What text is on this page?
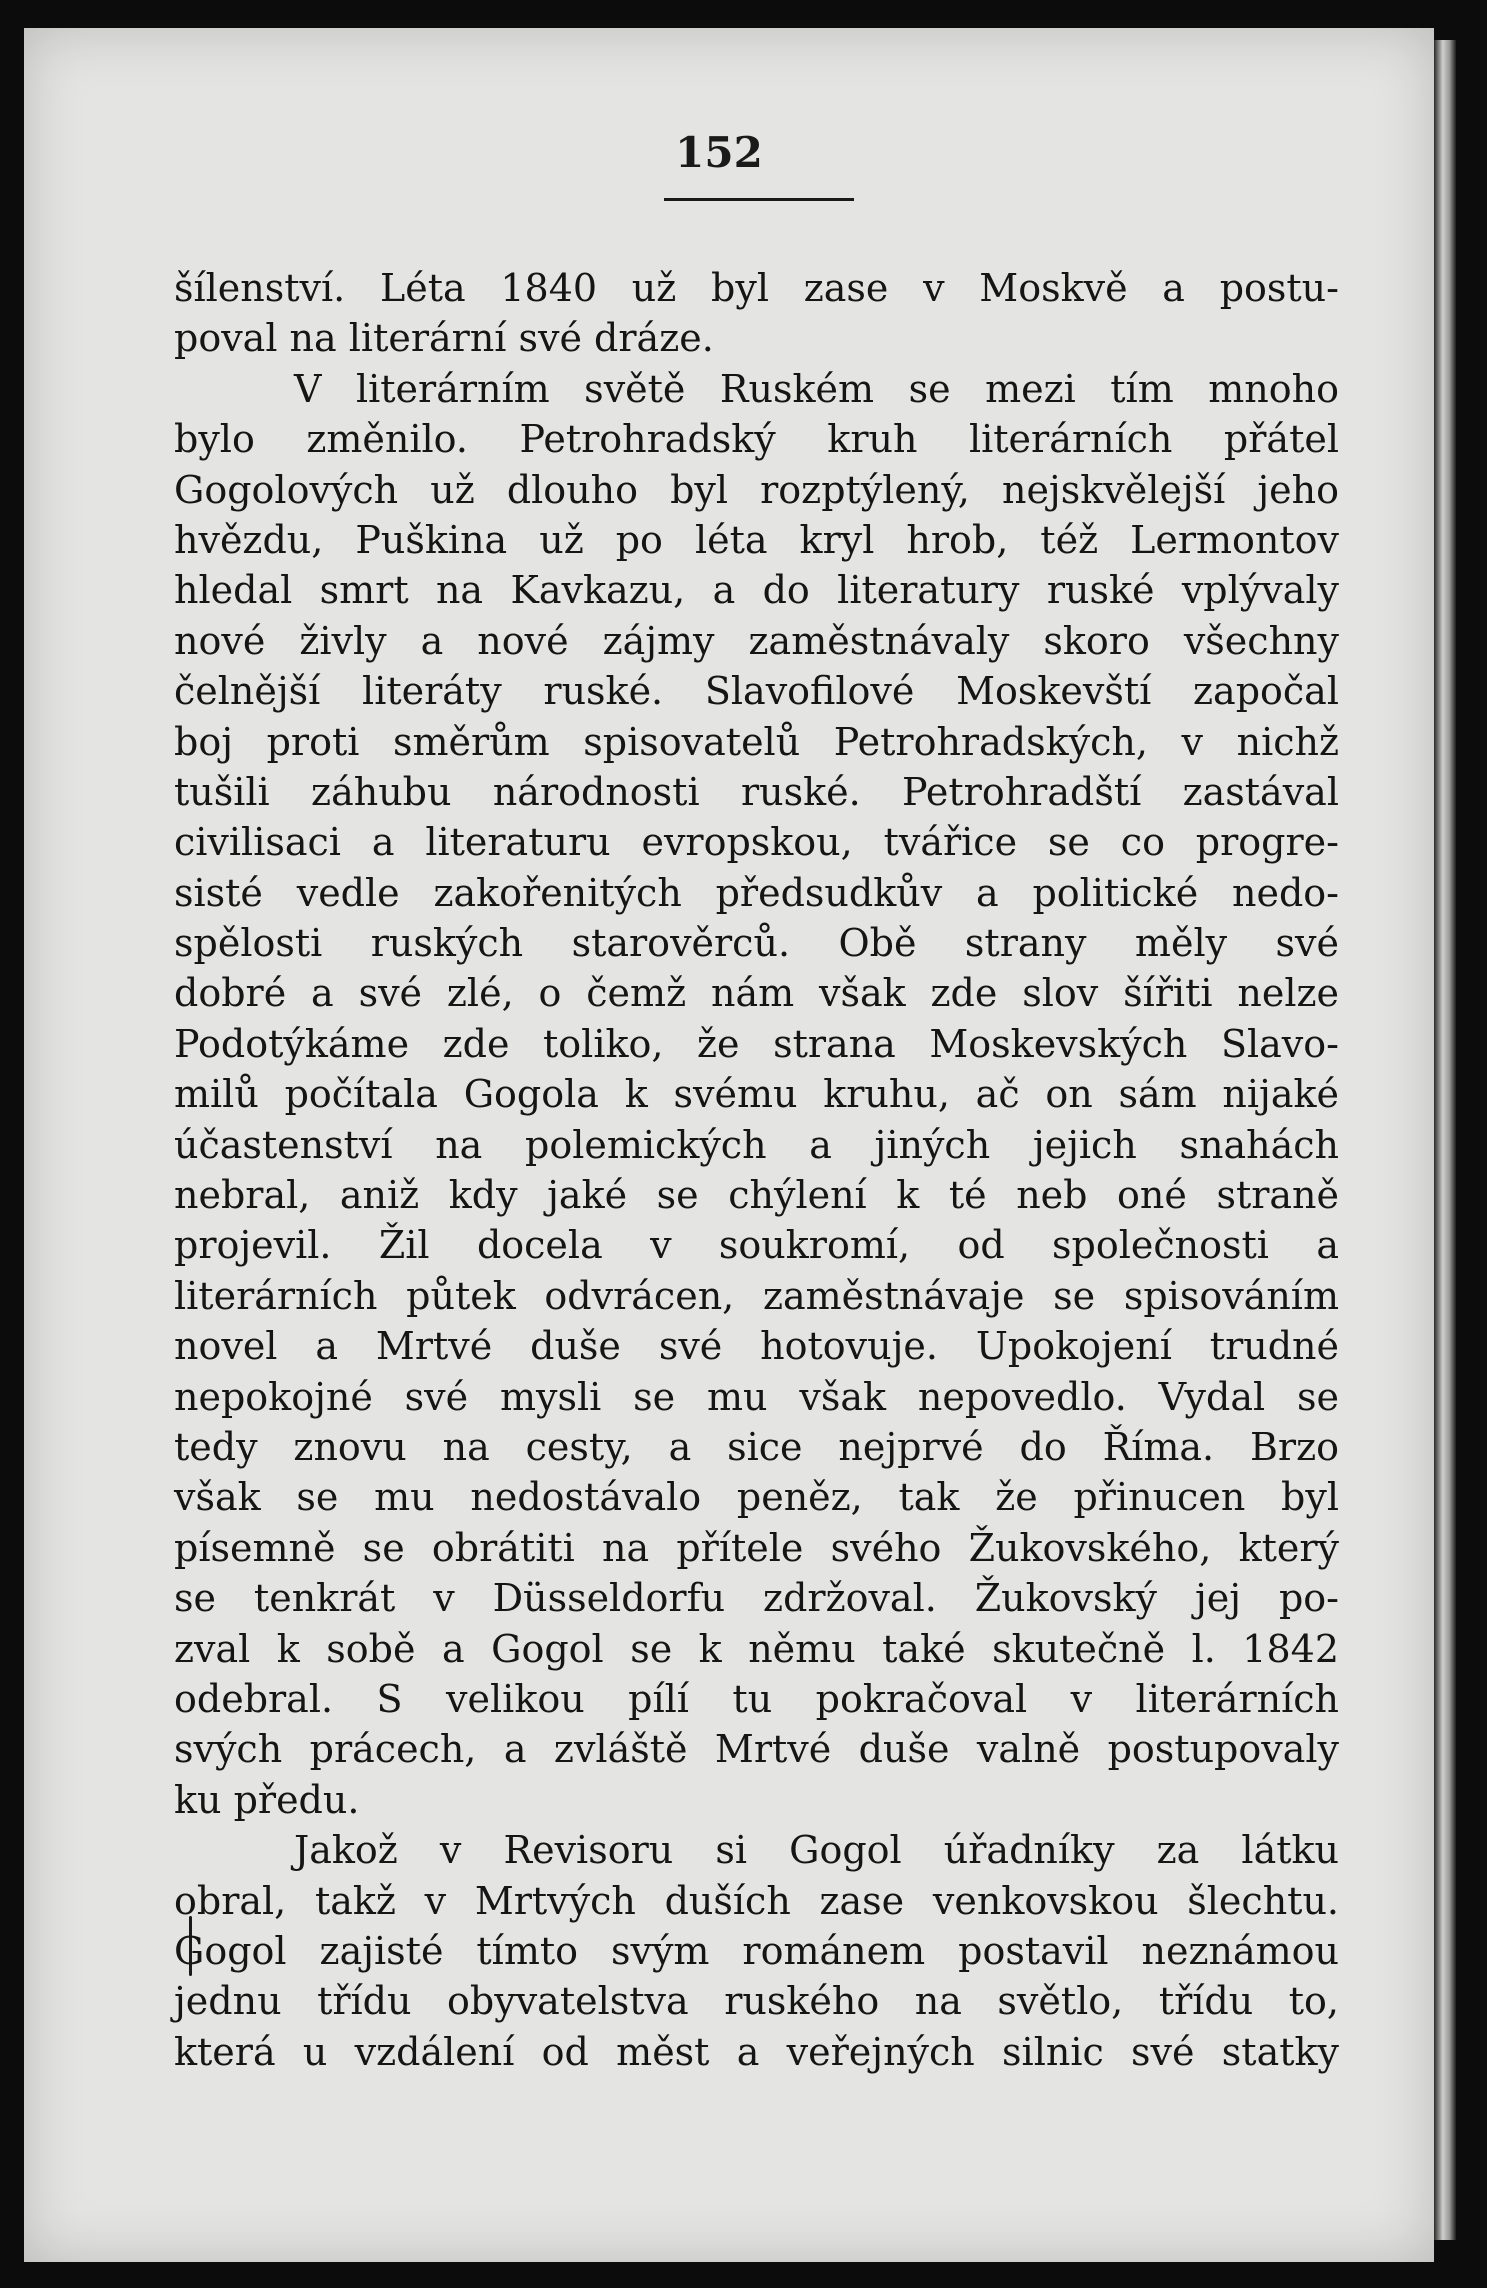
152
šílenství. Léta 1840 už byl zase v Moskvě a postu-
poval na literární své dráze.
V literárním světě Ruském se mezi tím mnoho
bylo změnilo. Petrohradský kruh literárních přátel
Gogolových už dlouho byl rozptýlený, nejskvělejší jeho
hvězdu, Puškina už po léta kryl hrob, též Lermontov
hledal smrt na Kavkazu, a do literatury ruské vplývaly
nové živly a nové zájmy zaměstnávaly skoro všechny
čelnější literáty ruské. Slavofilové Moskevští započal
boj proti směrům spisovatelů Petrohradských, v nichž
tušili záhubu národnosti ruské. Petrohradští zastával
civilisaci a literaturu evropskou, tvářice se co progre-
sisté vedle zakořenitých předsudkův a politické nedo-
spělosti ruských starověrců. Obě strany měly své
dobré a své zlé, o čemž nám však zde slov šířiti nelze
Podotýkáme zde toliko, že strana Moskevských Slavo-
milů počítala Gogola k svému kruhu, ač on sám nijaké
účastenství na polemických a jiných jejich snahách
nebral, aniž kdy jaké se chýlení k té neb oné straně
projevil. Žil docela v soukromí, od společnosti a
literárních půtek odvrácen, zaměstnávaje se spisováním
novel a Mrtvé duše své hotovuje. Upokojení trudné
nepokojné své mysli se mu však nepovedlo. Vydal se
tedy znovu na cesty, a sice nejprvé do Říma. Brzo
však se mu nedostávalo peněz, tak že přinucen byl
písemně se obrátiti na přítele svého Žukovského, který
se tenkrát v Düsseldorfu zdržoval. Žukovský jej po-
zval k sobě a Gogol se k němu také skutečně l. 1842
odebral. S velikou pílí tu pokračoval v literárních
svých prácech, a zvláště Mrtvé duše valně postupovaly
ku předu.
Jakož v Revisoru si Gogol úřadníky za látku
obral, takž v Mrtvých duších zase venkovskou šlechtu.
Gogol zajisté tímto svým románem postavil neznámou
jednu třídu obyvatelstva ruského na světlo, třídu to,
která u vzdálení od měst a veřejných silnic své statky
